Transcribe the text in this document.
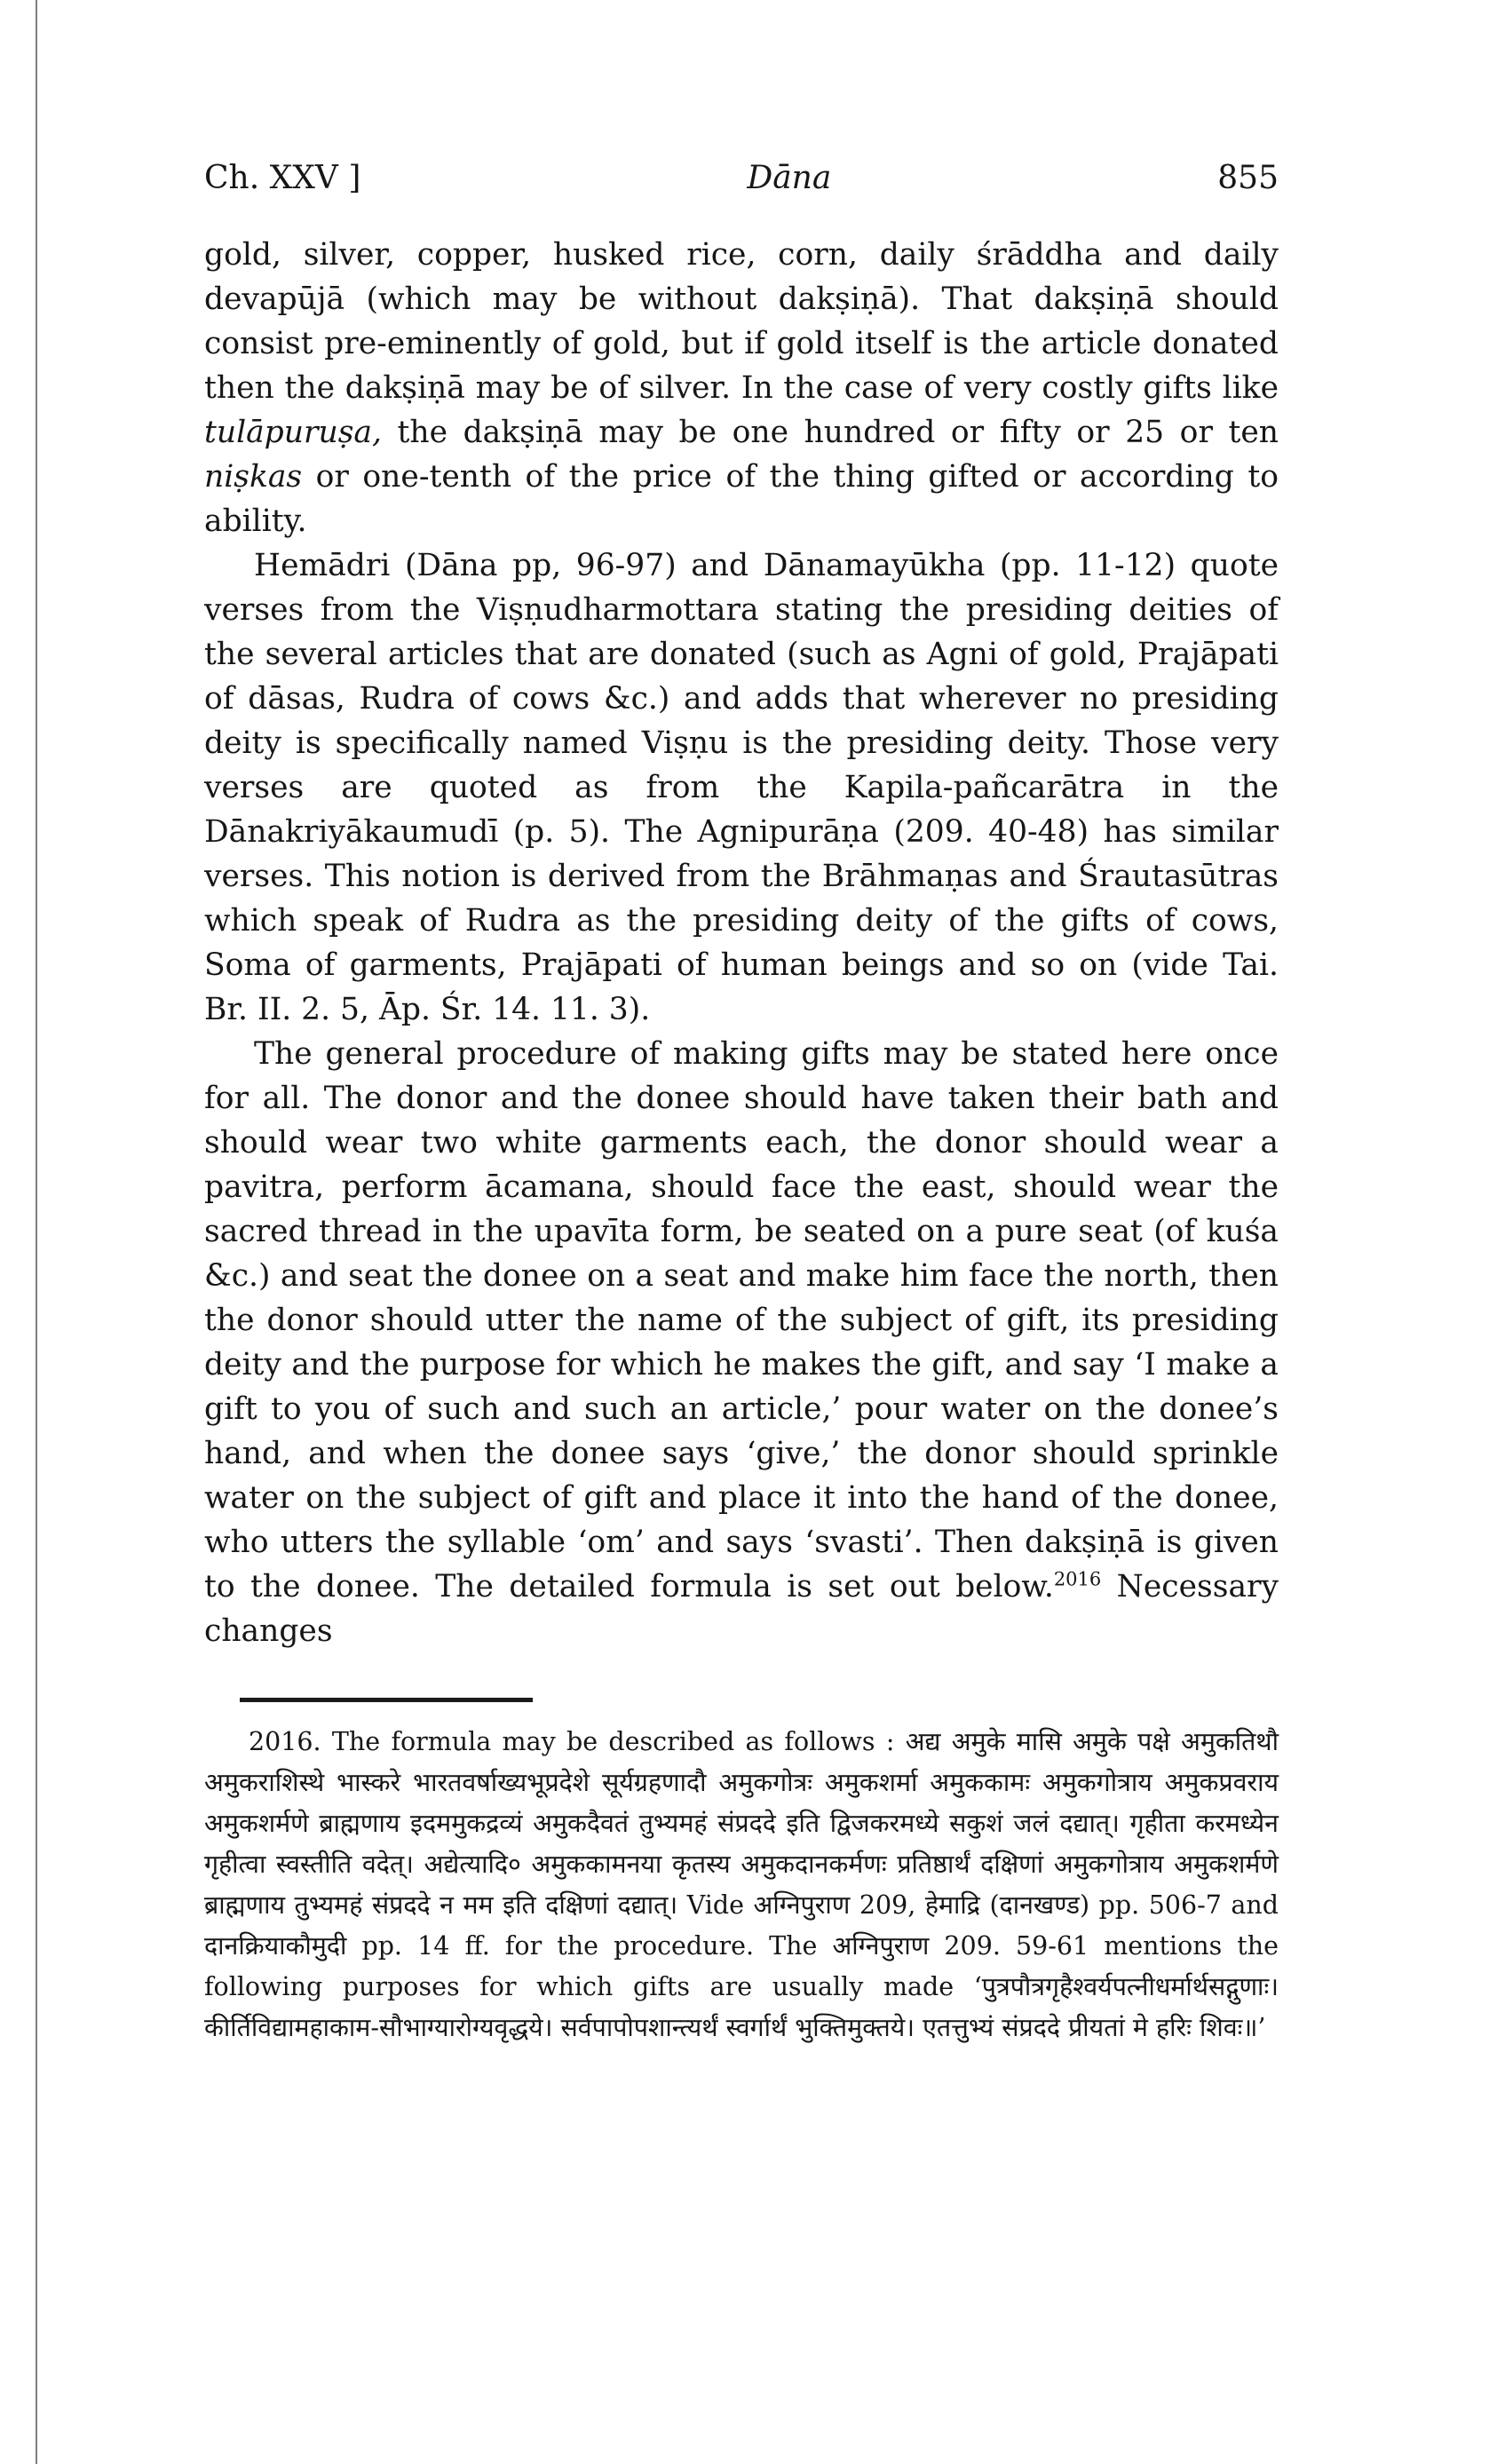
Ch. XXV ]	Dāna	855

gold, silver, copper, husked rice, corn, daily śrāddha and daily devapūjā (which may be without dakṣiṇā). That dakṣiṇā should consist pre-eminently of gold, but if gold itself is the article donated then the dakṣiṇā may be of silver. In the case of very costly gifts like tulāpuruṣa, the dakṣiṇā may be one hundred or fifty or 25 or ten niṣkas or one-tenth of the price of the thing gifted or according to ability.

Hemādri (Dāna pp, 96-97) and Dānamayūkha (pp. 11-12) quote verses from the Viṣṇudharmottara stating the presiding deities of the several articles that are donated (such as Agni of gold, Prajāpati of dāsas, Rudra of cows &c.) and adds that wherever no presiding deity is specifically named Viṣṇu is the presiding deity. Those very verses are quoted as from the Kapila-pañcarātra in the Dānakriyākaumudī (p. 5). The Agnipurāṇa (209. 40-48) has similar verses. This notion is derived from the Brāhmaṇas and Śrautasūtras which speak of Rudra as the presiding deity of the gifts of cows, Soma of garments, Prajāpati of human beings and so on (vide Tai. Br. II. 2. 5, Āp. Śr. 14. 11. 3).

The general procedure of making gifts may be stated here once for all. The donor and the donee should have taken their bath and should wear two white garments each, the donor should wear a pavitra, perform ācamana, should face the east, should wear the sacred thread in the upavīta form, be seated on a pure seat (of kuśa &c.) and seat the donee on a seat and make him face the north, then the donor should utter the name of the subject of gift, its presiding deity and the purpose for which he makes the gift, and say ‘I make a gift to you of such and such an article,’ pour water on the donee’s hand, and when the donee says ‘give,’ the donor should sprinkle water on the subject of gift and place it into the hand of the donee, who utters the syllable ‘om’ and says ‘svasti’. Then dakṣiṇā is given to the donee. The detailed formula is set out below.$^{2016}$ Necessary changes

2016. The formula may be described as follows : अद्य अमुके मासि अमुके पक्षे अमुकतिथौ अमुकराशिस्थे भास्करे भारतवर्षाख्यभूप्रदेशे सूर्यग्रहणादौ अमुकगोत्रः अमुकशर्मा अमुककामः अमुकगोत्राय अमुकप्रवराय अमुकशर्मणे ब्राह्मणाय इदममुकद्रव्यं अमुकदैवतं तुभ्यमहं संप्रददे इति द्विजकरमध्ये सकुशं जलं दद्यात्। गृहीता करमध्येन गृहीत्वा स्वस्तीति वदेत्। अद्येत्यादि० अमुककामनया कृतस्य अमुकदानकर्मणः प्रतिष्ठार्थं दक्षिणां अमुकगोत्राय अमुकशर्मणे ब्राह्मणाय तुभ्यमहं संप्रददे न मम इति दक्षिणां दद्यात्। Vide अग्निपुराण 209, हेमाद्रि (दानखण्ड) pp. 506-7 and दानक्रियाकौमुदी pp. 14 ff. for the procedure. The अग्निपुराण 209. 59-61 mentions the following purposes for which gifts are usually made ‘पुत्रपौत्रगृहैश्वर्यपत्नीधर्मार्थसद्गुणाः। कीर्तिविद्यामहाकाम-सौभाग्यारोग्यवृद्धये। सर्वपापोपशान्त्यर्थं स्वर्गार्थं भुक्तिमुक्तये। एतत्तुभ्यं संप्रददे प्रीयतां मे हरिः शिवः॥’
